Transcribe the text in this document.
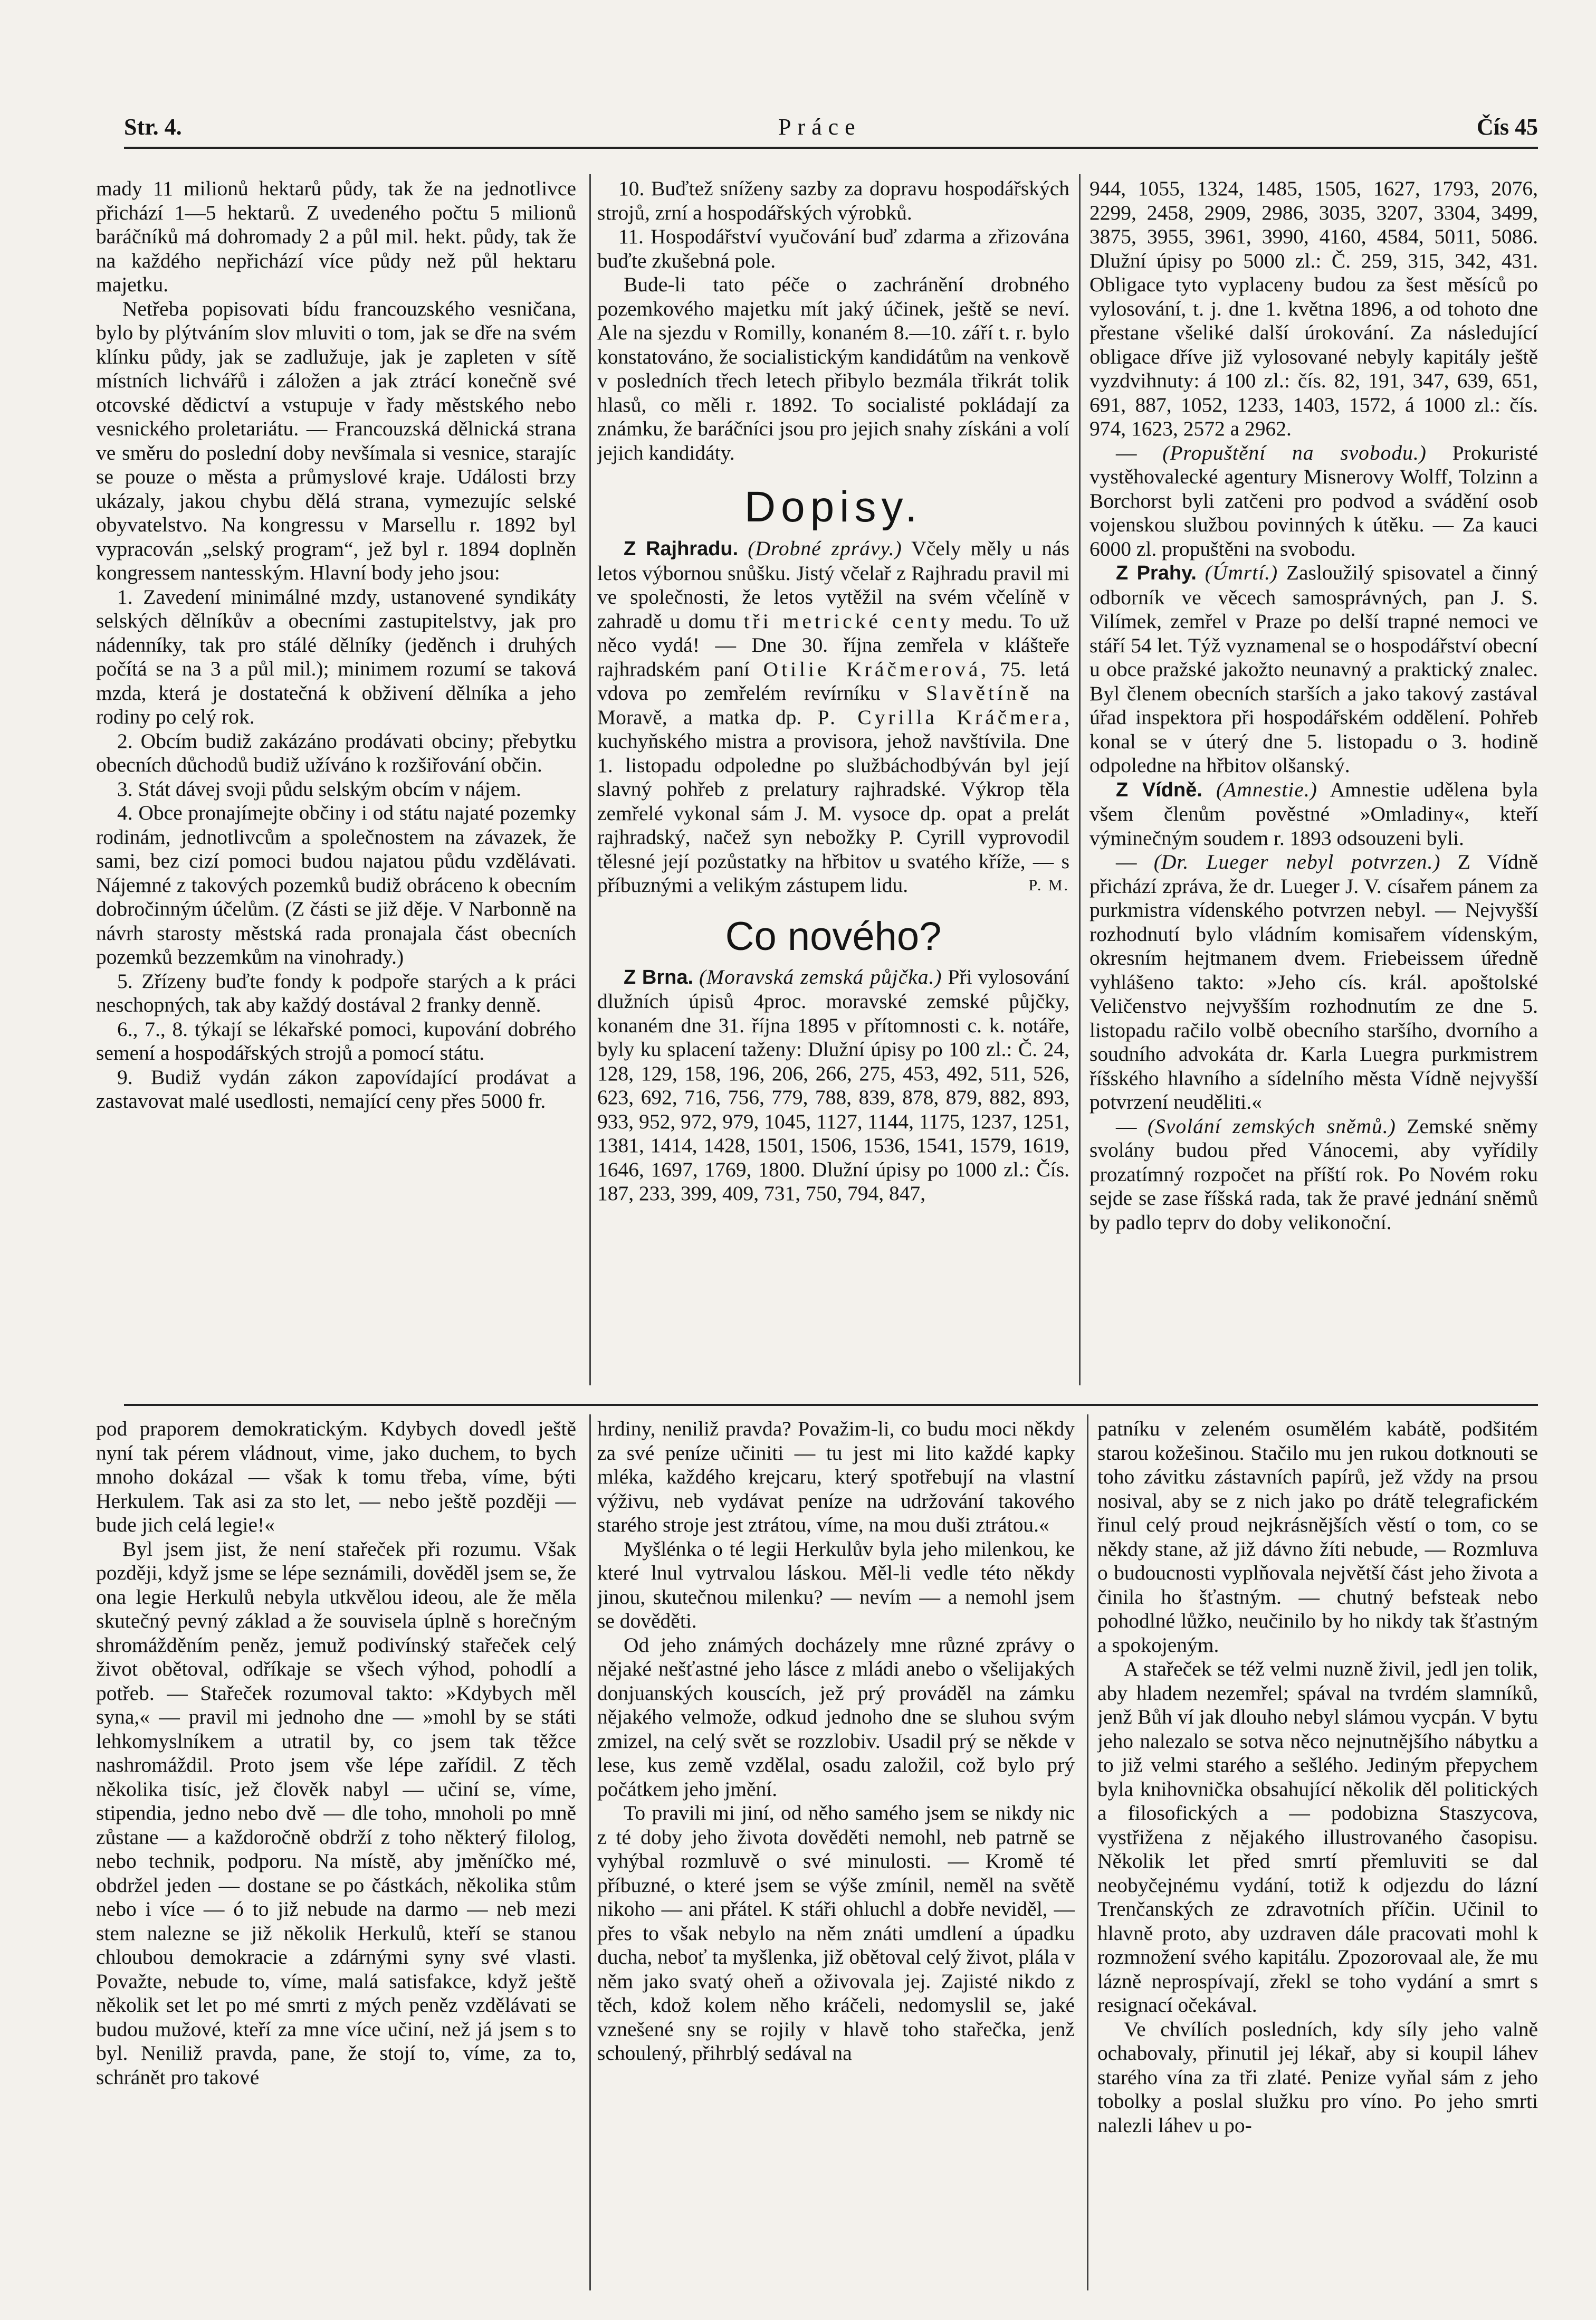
Str. 4.	Práce	Čís 45

mady 11 milionů hektarů půdy, tak že na jednotlivce přichází 1—5 hektarů. Z uvedeného počtu 5 milionů baráčníků má dohromady 2 a půl mil. hekt. půdy, tak že na každého nepřichází více půdy než půl hektaru majetku.

Netřeba popisovati bídu francouzského vesničana, bylo by plýtváním slov mluviti o tom, jak se dře na svém klínku půdy, jak se zadlužuje, jak je zapleten v sítě místních lichvářů i záložen a jak ztrácí konečně své otcovské dědictví a vstupuje v řady městského nebo vesnického proletariátu. — Francouzská dělnická strana ve směru do poslední doby nevšímala si vesnice, starajíc se pouze o města a průmyslové kraje. Události brzy ukázaly, jakou chybu dělá strana, vymezujíc selské obyvatelstvo. Na kongressu v Marsellu r. 1892 byl vypracován „selský program“, jež byl r. 1894 doplněn kongressem nantesským. Hlavní body jeho jsou:

1. Zavedení minimálné mzdy, ustanovené syndikáty selských dělníkův a obecními zastupitelstvy, jak pro nádenníky, tak pro stálé dělníky (jeděnch i druhých počítá se na 3 a půl mil.); minimem rozumí se taková mzda, která je dostatečná k obživení dělníka a jeho rodiny po celý rok.

2. Obcím budiž zakázáno prodávati obciny; přebytku obecních důchodů budiž užíváno k rozšiřování občin.

3. Stát dávej svoji půdu selským obcím v nájem.

4. Obce pronajímejte občiny i od státu najaté pozemky rodinám, jednotlivcům a společnostem na závazek, že sami, bez cizí pomoci budou najatou půdu vzdělávati. Nájemné z takových pozemků budiž obráceno k obecním dobročinným účelům. (Z části se již děje. V Narbonně na návrh starosty městská rada pronajala část obecních pozemků bezzemkům na vinohrady.)

5. Zřízeny buďte fondy k podpoře starých a k práci neschopných, tak aby každý dostával 2 franky denně.

6., 7., 8. týkají se lékařské pomoci, kupování dobrého semení a hospodářských strojů a pomocí státu.

9. Budiž vydán zákon zapovídající prodávat a zastavovat malé usedlosti, nemající ceny přes 5000 fr.

10. Buďtež sníženy sazby za dopravu hospodářských strojů, zrní a hospodářských výrobků.

11. Hospodářství vyučování buď zdarma a zřizována buďte zkušebná pole.

Bude-li tato péče o zachránění drobného pozemkového majetku mít jaký účinek, ještě se neví. Ale na sjezdu v Romilly, konaném 8.—10. září t. r. bylo konstatováno, že socialistickým kandidátům na venkově v posledních třech letech přibylo bezmála třikrát tolik hlasů, co měli r. 1892. To socialisté pokládají za známku, že baráčníci jsou pro jejich snahy získáni a volí jejich kandidáty.

Dopisy.

Z Rajhradu. (Drobné zprávy.) Včely měly u nás letos výbornou snůšku. Jistý včelař z Rajhradu pravil mi ve společnosti, že letos vytěžil na svém včelíně v zahradě u domu tři metrické centy medu. To už něco vydá! — Dne 30. října zemřela v klášteře rajhradském paní Otilie Kráčmerová, 75. letá vdova po zemřelém revírníku v Slavětíně na Moravě, a matka dp. P. Cyrilla Kráčmera, kuchyňského mistra a provisora, jehož navštívila. Dne 1. listopadu odpoledne po službáchodbýván byl její slavný pohřeb z prelatury rajhradské. Výkrop těla zemřelé vykonal sám J. M. vysoce dp. opat a prelát rajhradský, načež syn nebožky P. Cyrill vyprovodil tělesné její pozůstatky na hřbitov u svatého kříže, — s příbuznými a velikým zástupem lidu.	P. M.

Co nového?

Z Brna. (Moravská zemská půjčka.) Při vylosování dlužních úpisů 4proc. moravské zemské půjčky, konaném dne 31. října 1895 v přítomnosti c. k. notáře, byly ku splacení taženy: Dlužní úpisy po 100 zl.: Č. 24, 128, 129, 158, 196, 206, 266, 275, 453, 492, 511, 526, 623, 692, 716, 756, 779, 788, 839, 878, 879, 882, 893, 933, 952, 972, 979, 1045, 1127, 1144, 1175, 1237, 1251, 1381, 1414, 1428, 1501, 1506, 1536, 1541, 1579, 1619, 1646, 1697, 1769, 1800. Dlužní úpisy po 1000 zl.: Čís. 187, 233, 399, 409, 731, 750, 794, 847,

944, 1055, 1324, 1485, 1505, 1627, 1793, 2076, 2299, 2458, 2909, 2986, 3035, 3207, 3304, 3499, 3875, 3955, 3961, 3990, 4160, 4584, 5011, 5086. Dlužní úpisy po 5000 zl.: Č. 259, 315, 342, 431. Obligace tyto vyplaceny budou za šest měsíců po vylosování, t. j. dne 1. května 1896, a od tohoto dne přestane všeliké další úrokování. Za následující obligace dříve již vylosované nebyly kapitály ještě vyzdvihnuty: á 100 zl.: čís. 82, 191, 347, 639, 651, 691, 887, 1052, 1233, 1403, 1572, á 1000 zl.: čís. 974, 1623, 2572 a 2962.

— (Propuštění na svobodu.) Prokuristé vystěhovalecké agentury Misnerovy Wolff, Tolzinn a Borchorst byli zatčeni pro podvod a svádění osob vojenskou službou povinných k útěku. — Za kauci 6000 zl. propuštěni na svobodu.

Z Prahy. (Úmrtí.) Zasloužilý spisovatel a činný odborník ve věcech samosprávných, pan J. S. Vilímek, zemřel v Praze po delší trapné nemoci ve stáří 54 let. Týž vyznamenal se o hospodářství obecní u obce pražské jakožto neunavný a praktický znalec. Byl členem obecních starších a jako takový zastával úřad inspektora při hospodářském oddělení. Pohřeb konal se v úterý dne 5. listopadu o 3. hodině odpoledne na hřbitov olšanský.

Z Vídně. (Amnestie.) Amnestie udělena byla všem členům pověstné »Omladiny«, kteří výminečným soudem r. 1893 odsouzeni byli.

— (Dr. Lueger nebyl potvrzen.) Z Vídně přichází zpráva, že dr. Lueger J. V. císařem pánem za purkmistra vídenského potvrzen nebyl. — Nejvyšší rozhodnutí bylo vládním komisařem vídenským, okresním hejtmanem dvem. Friebeissem úředně vyhlášeno takto: »Jeho cís. král. apoštolské Veličenstvo nejvyšším rozhodnutím ze dne 5. listopadu račilo volbě obecního staršího, dvorního a soudního advokáta dr. Karla Luegra purkmistrem říšského hlavního a sídelního města Vídně nejvyšší potvrzení neuděliti.«

— (Svolání zemských sněmů.) Zemské sněmy svolány budou před Vánocemi, aby vyřídily prozatímný rozpočet na příští rok. Po Novém roku sejde se zase říšská rada, tak že pravé jednání sněmů by padlo teprv do doby velikonoční.

pod praporem demokratickým. Kdybych dovedl ještě nyní tak pérem vládnout, vime, jako duchem, to bych mnoho dokázal — však k tomu třeba, víme, býti Herkulem. Tak asi za sto let, — nebo ještě později — bude jich celá legie!«

Byl jsem jist, že není stařeček při rozumu. Však později, když jsme se lépe seznámili, dověděl jsem se, že ona legie Herkulů nebyla utkvělou ideou, ale že měla skutečný pevný základ a že souvisela úplně s horečným shromážděním peněz, jemuž podivínský stařeček celý život obětoval, odříkaje se všech výhod, pohodlí a potřeb. — Stařeček rozumoval takto: »Kdybych měl syna,« — pravil mi jednoho dne — »mohl by se státi lehkomyslníkem a utratil by, co jsem tak těžce nashromáždil. Proto jsem vše lépe zařídil. Z těch několika tisíc, jež člověk nabyl — učiní se, víme, stipendia, jedno nebo dvě — dle toho, mnoholi po mně zůstane — a každoročně obdrží z toho některý filolog, nebo technik, podporu. Na místě, aby jměníčko mé, obdržel jeden — dostane se po částkách, několika stům nebo i více — ó to již nebude na darmo — neb mezi stem nalezne se již několik Herkulů, kteří se stanou chloubou demokracie a zdárnými syny své vlasti. Považte, nebude to, víme, malá satisfakce, když ještě několik set let po mé smrti z mých peněz vzdělávati se budou mužové, kteří za mne více učiní, než já jsem s to byl. Neniliž pravda, pane, že stojí to, víme, za to, schránět pro takové

hrdiny, neniliž pravda? Považim-li, co budu moci někdy za své peníze učiniti — tu jest mi lito každé kapky mléka, každého krejcaru, který spotřebují na vlastní výživu, neb vydávat peníze na udržování takového starého stroje jest ztrátou, víme, na mou duši ztrátou.«

Myšlénka o té legii Herkulův byla jeho milenkou, ke které lnul vytrvalou láskou. Měl-li vedle této někdy jinou, skutečnou milenku? — nevím — a nemohl jsem se dověděti.

Od jeho známých docházely mne různé zprávy o nějaké nešťastné jeho lásce z mládi anebo o všelijakých donjuanských kouscích, jež prý prováděl na zámku nějakého velmože, odkud jednoho dne se sluhou svým zmizel, na celý svět se rozzlobiv. Usadil prý se někde v lese, kus země vzdělal, osadu založil, což bylo prý počátkem jeho jmění.

To pravili mi jiní, od něho samého jsem se nikdy nic z té doby jeho života dověděti nemohl, neb patrně se vyhýbal rozmluvě o své minulosti. — Kromě té příbuzné, o které jsem se výše zmínil, neměl na světě nikoho — ani přátel. K stáři ohluchl a dobře neviděl, — přes to však nebylo na něm znáti umdlení a úpadku ducha, neboť ta myšlenka, již obětoval celý život, plála v něm jako svatý oheň a oživovala jej. Zajisté nikdo z těch, kdož kolem něho kráčeli, nedomyslil se, jaké vznešené sny se rojily v hlavě toho stařečka, jenž schoulený, přihrblý sedával na

patníku v zeleném osumělém kabátě, podšitém starou kožešinou. Stačilo mu jen rukou dotknouti se toho závitku zástavních papírů, jež vždy na prsou nosival, aby se z nich jako po drátě telegrafickém řinul celý proud nejkrásnějších věstí o tom, co se někdy stane, až již dávno žíti nebude, — Rozmluva o budoucnosti vyplňovala největší část jeho života a činila ho šťastným. — chutný befsteak nebo pohodlné lůžko, neučinilo by ho nikdy tak šťastným a spokojeným.

A stařeček se též velmi nuzně živil, jedl jen tolik, aby hladem nezemřel; spával na tvrdém slamníků, jenž Bůh ví jak dlouho nebyl slámou vycpán. V bytu jeho nalezalo se sotva něco nejnutnějšího nábytku a to již velmi starého a sešlého. Jediným přepychem byla knihovnička obsahující několik děl politických a filosofických a — podobizna Staszycova, vystřižena z nějakého illustrovaného časopisu. Několik let před smrtí přemluviti se dal neobyčejnému vydání, totiž k odjezdu do lázní Trenčanských ze zdravotních příčin. Učinil to hlavně proto, aby uzdraven dále pracovati mohl k rozmnožení svého kapitálu. Zpozorovaal ale, že mu lázně neprospívají, zřekl se toho vydání a smrt s resignací očekával.

Ve chvílích posledních, kdy síly jeho valně ochabovaly, přinutil jej lékař, aby si koupil láhev starého vína za tři zlaté. Penize vyňal sám z jeho tobolky a poslal služku pro víno. Po jeho smrti nalezli láhev u po-
